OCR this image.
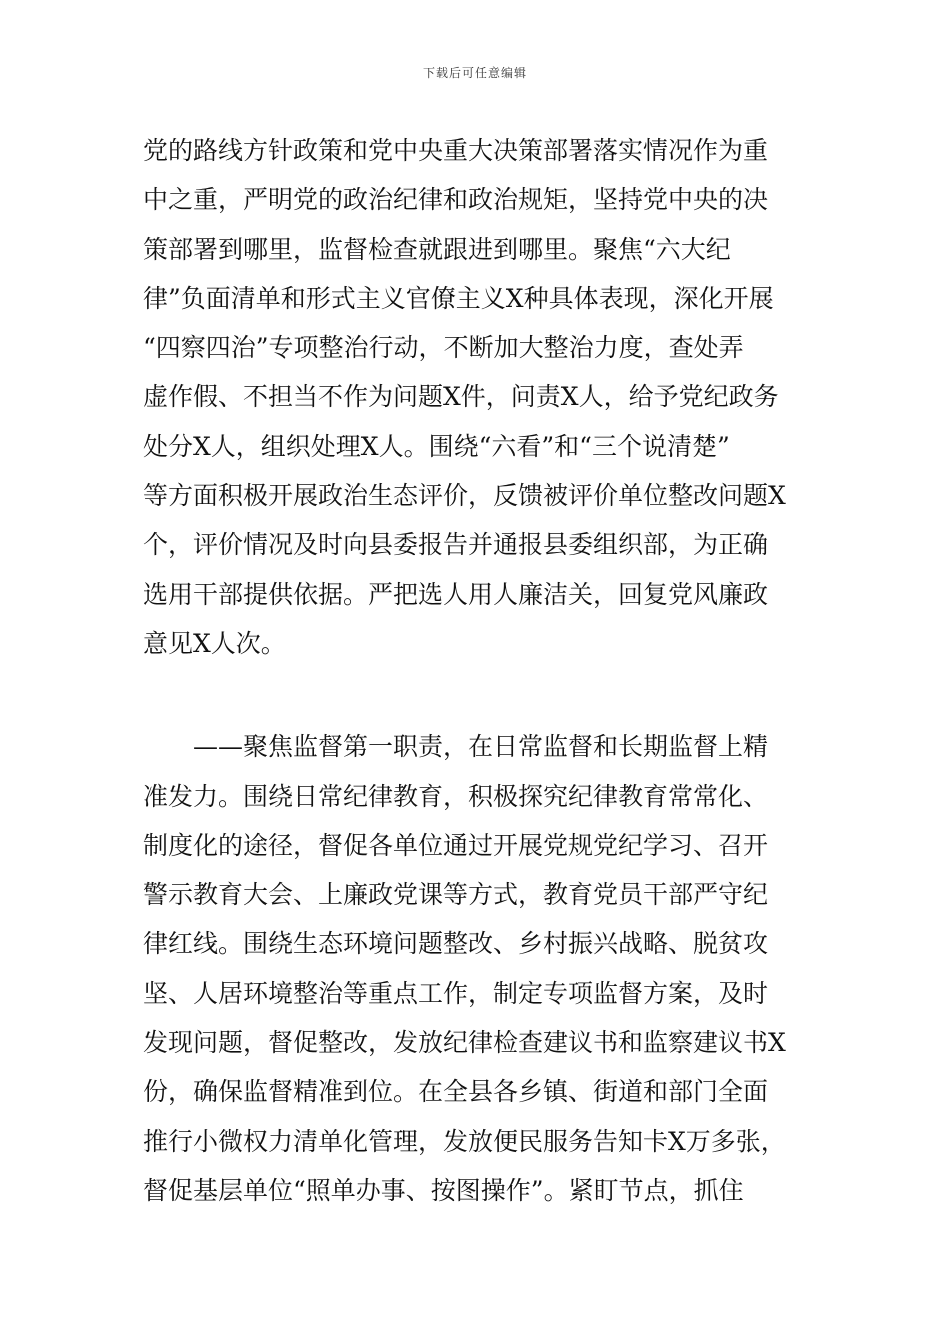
下载后可任意编辑
党的路线方针政策和党中央重大决策部署落实情况作为重
中之重，严明党的政治纪律和政治规矩，坚持党中央的决
策部署到哪里，监督检查就跟进到哪里。聚焦“六大纪
律”负面清单和形式主义官僚主义X种具体表现，深化开展
“四察四治”专项整治行动，不断加大整治力度，查处弄
虚作假、不担当不作为问题X件，问责X人，给予党纪政务
处分X人，组织处理X人。围绕“六看”和“三个说清楚”
等方面积极开展政治生态评价，反馈被评价单位整改问题X
个，评价情况及时向县委报告并通报县委组织部，为正确
选用干部提供依据。严把选人用人廉洁关，回复党风廉政
意见X人次。
　　——聚焦监督第一职责，在日常监督和长期监督上精
准发力。围绕日常纪律教育，积极探究纪律教育常常化、
制度化的途径，督促各单位通过开展党规党纪学习、召开
警示教育大会、上廉政党课等方式，教育党员干部严守纪
律红线。围绕生态环境问题整改、乡村振兴战略、脱贫攻
坚、人居环境整治等重点工作，制定专项监督方案，及时
发现问题，督促整改，发放纪律检查建议书和监察建议书X
份，确保监督精准到位。在全县各乡镇、街道和部门全面
推行小微权力清单化管理，发放便民服务告知卡X万多张，
督促基层单位“照单办事、按图操作”。紧盯节点，抓住
